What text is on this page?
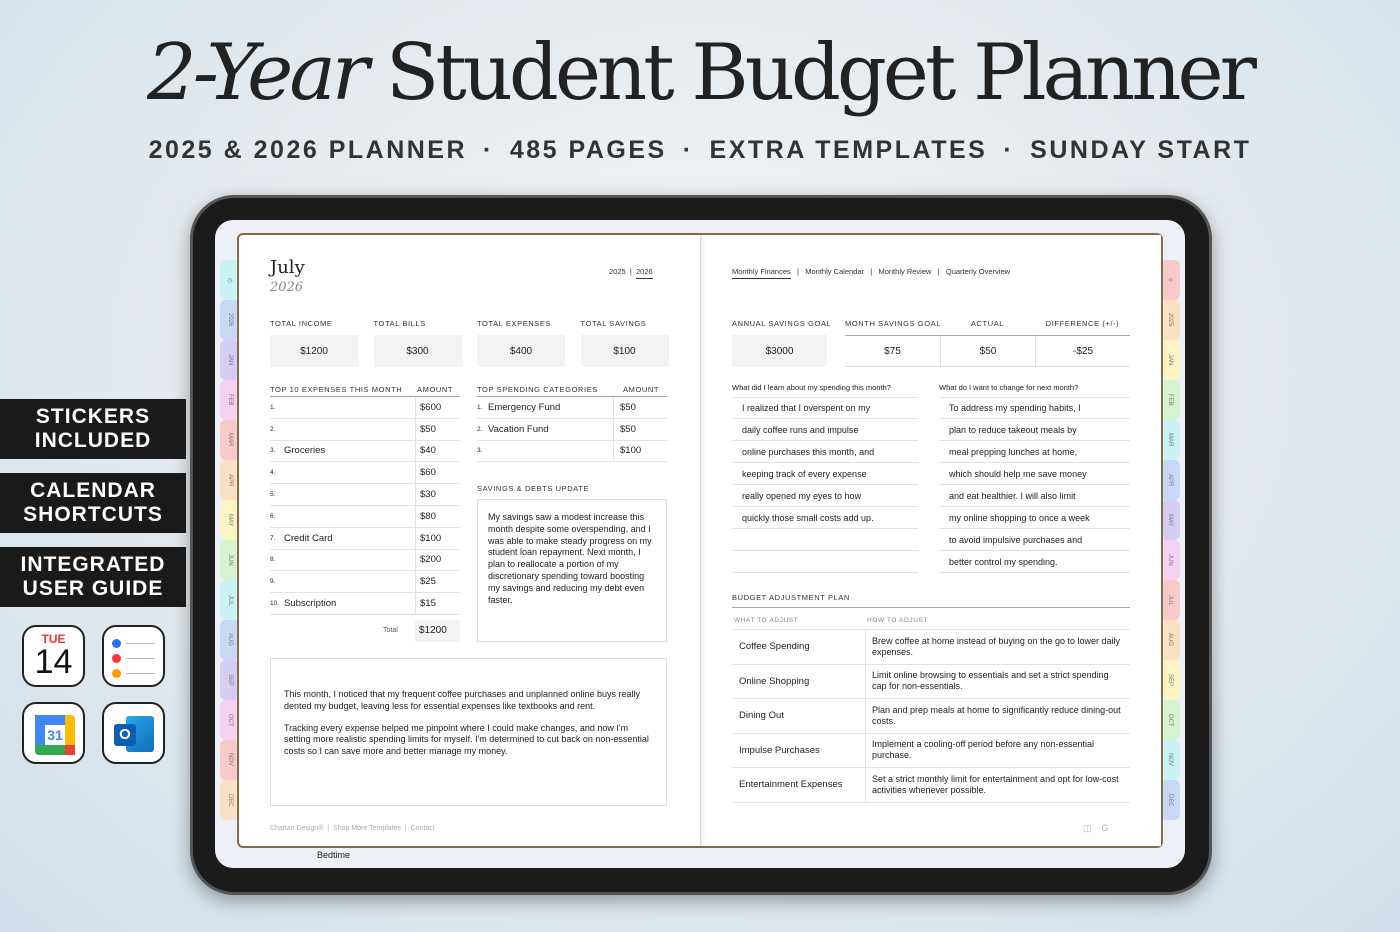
2-Year Student Budget Planner
2025 & 2026 PLANNER · 485 PAGES · EXTRA TEMPLATES · SUNDAY START
◷
2026
JAN
FEB
MAR
APR
MAY
JUN
JUL
AUG
SEP
OCT
NOV
DEC
≡
2025
JAN
FEB
MAR
APR
MAY
JUN
JUL
AUG
SEP
OCT
NOV
DEC
Bedtime
July
2026
2025  |  2026
TOTAL INCOME
$1200
TOTAL BILLS
$300
TOTAL EXPENSES
$400
TOTAL SAVINGS
$100
TOP 10 EXPENSES THIS MONTH AMOUNT
1.	$600
2.	$50
3. Groceries	$40
4.	$60
5.	$30
6.	$80
7. Credit Card	$100
8.	$200
9.	$25
10. Subscription	$15
Total $1200
TOP SPENDING CATEGORIES	AMOUNT
1. Emergency Fund	$50
2. Vacation Fund	$50
3.	$100
SAVINGS & DEBTS UPDATE
My savings saw a modest increase this month despite some overspending, and I was able to make steady progress on my student loan repayment. Next month, I plan to reallocate a portion of my discretionary spending toward boosting my savings and reducing my debt even faster.

This month, I noticed that my frequent coffee purchases and unplanned online buys really dented my budget, leaving less for essential expenses like textbooks and rent.

Tracking every expense helped me pinpoint where I could make changes, and now I'm setting more realistic spending limits for myself. I'm determined to cut back on non-essential costs so I can save more and better manage my money.

Chattan Design®  |  Shop More Templates  |  Contact
Monthly Finances   |   Monthly Calendar   |   Monthly Review   |   Quarterly Overview
ANNUAL SAVINGS GOAL
$3000
MONTH SAVINGS GOAL
$75
ACTUAL
$50
DIFFERENCE (+/-)
-$25
What did I learn about my spending this month?	What do I want to change for next month?
I realized that I overspent on my
daily coffee runs and impulse
online purchases this month, and
keeping track of every expense
really opened my eyes to how
quickly those small costs add up.
To address my spending habits, I
plan to reduce takeout meals by
meal prepping lunches at home,
which should help me save money
and eat healthier. I will also limit
my online shopping to once a week
to avoid impulsive purchases and
better control my spending.
BUDGET ADJUSTMENT PLAN
WHAT TO ADJUST	HOW TO ADJUST
Coffee Spending
Brew coffee at home instead of buying on the go to lower daily expenses.
Online Shopping
Limit online browsing to essentials and set a strict spending cap for non-essentials.
Dining Out
Plan and prep meals at home to significantly reduce dining-out costs.
Impulse Purchases
Implement a cooling-off period before any non-essential purchase.
Entertainment Expenses
Set a strict monthly limit for entertainment and opt for low-cost activities whenever possible.
◫ G
STICKERS INCLUDED
CALENDAR SHORTCUTS
INTEGRATED USER GUIDE
TUE
14
31	O
